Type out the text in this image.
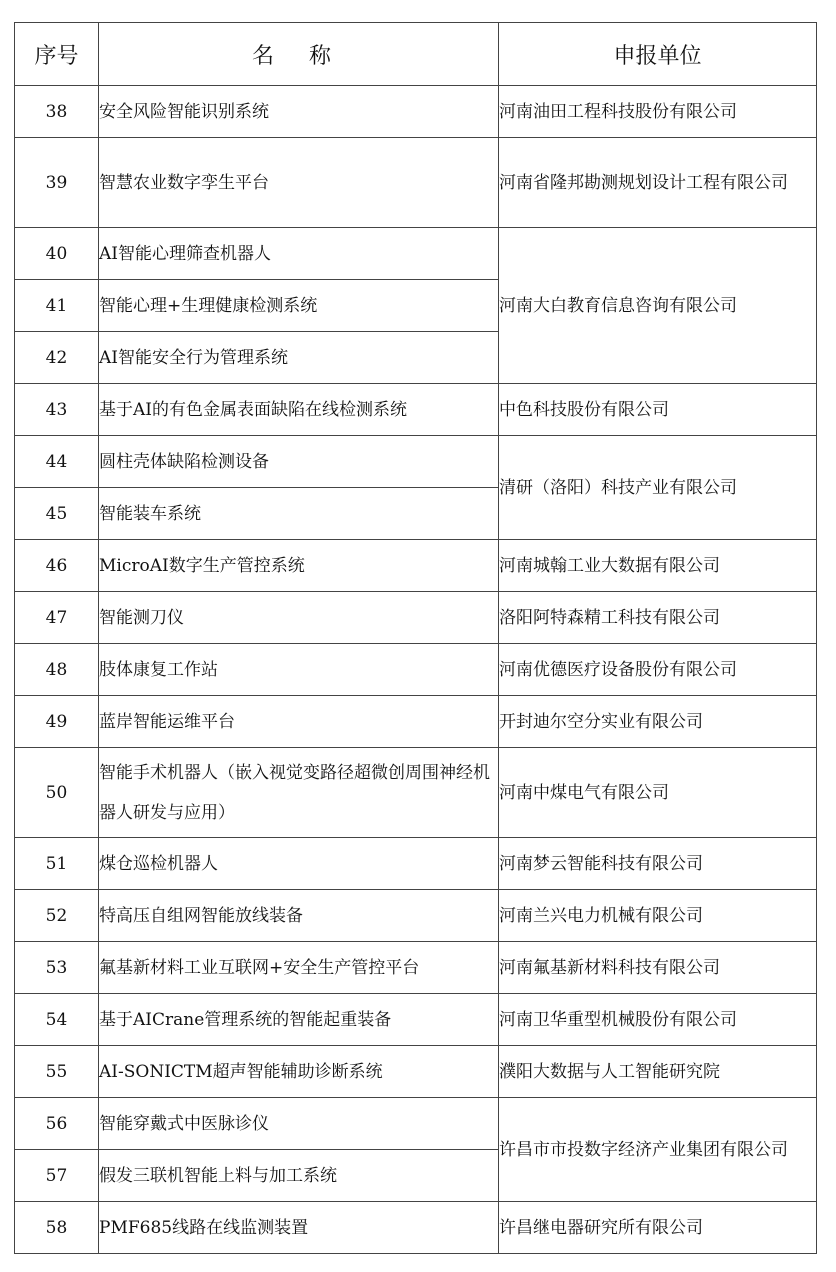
序号	名 称	申报单位
38	安全风险智能识别系统	河南油田工程科技股份有限公司
39	智慧农业数字孪生平台	河南省隆邦勘测规划设计工程有限公司
40	AI智能心理筛查机器人	河南大白教育信息咨询有限公司
41	智能心理+生理健康检测系统	
42	AI智能安全行为管理系统	
43	基于AI的有色金属表面缺陷在线检测系统	中色科技股份有限公司
44	圆柱壳体缺陷检测设备	清研（洛阳）科技产业有限公司
45	智能装车系统	
46	MicroAI数字生产管控系统	河南城翰工业大数据有限公司
47	智能测刀仪	洛阳阿特森精工科技有限公司
48	肢体康复工作站	河南优德医疗设备股份有限公司
49	蓝岸智能运维平台	开封迪尔空分实业有限公司
50	智能手术机器人（嵌入视觉变路径超微创周围神经机器人研发与应用）	河南中煤电气有限公司
51	煤仓巡检机器人	河南梦云智能科技有限公司
52	特高压自组网智能放线装备	河南兰兴电力机械有限公司
53	氟基新材料工业互联网+安全生产管控平台	河南氟基新材料科技有限公司
54	基于AICrane管理系统的智能起重装备	河南卫华重型机械股份有限公司
55	AI-SONICTM超声智能辅助诊断系统	濮阳大数据与人工智能研究院
56	智能穿戴式中医脉诊仪	许昌市市投数字经济产业集团有限公司
57	假发三联机智能上料与加工系统	
58	PMF685线路在线监测装置	许昌继电器研究所有限公司
